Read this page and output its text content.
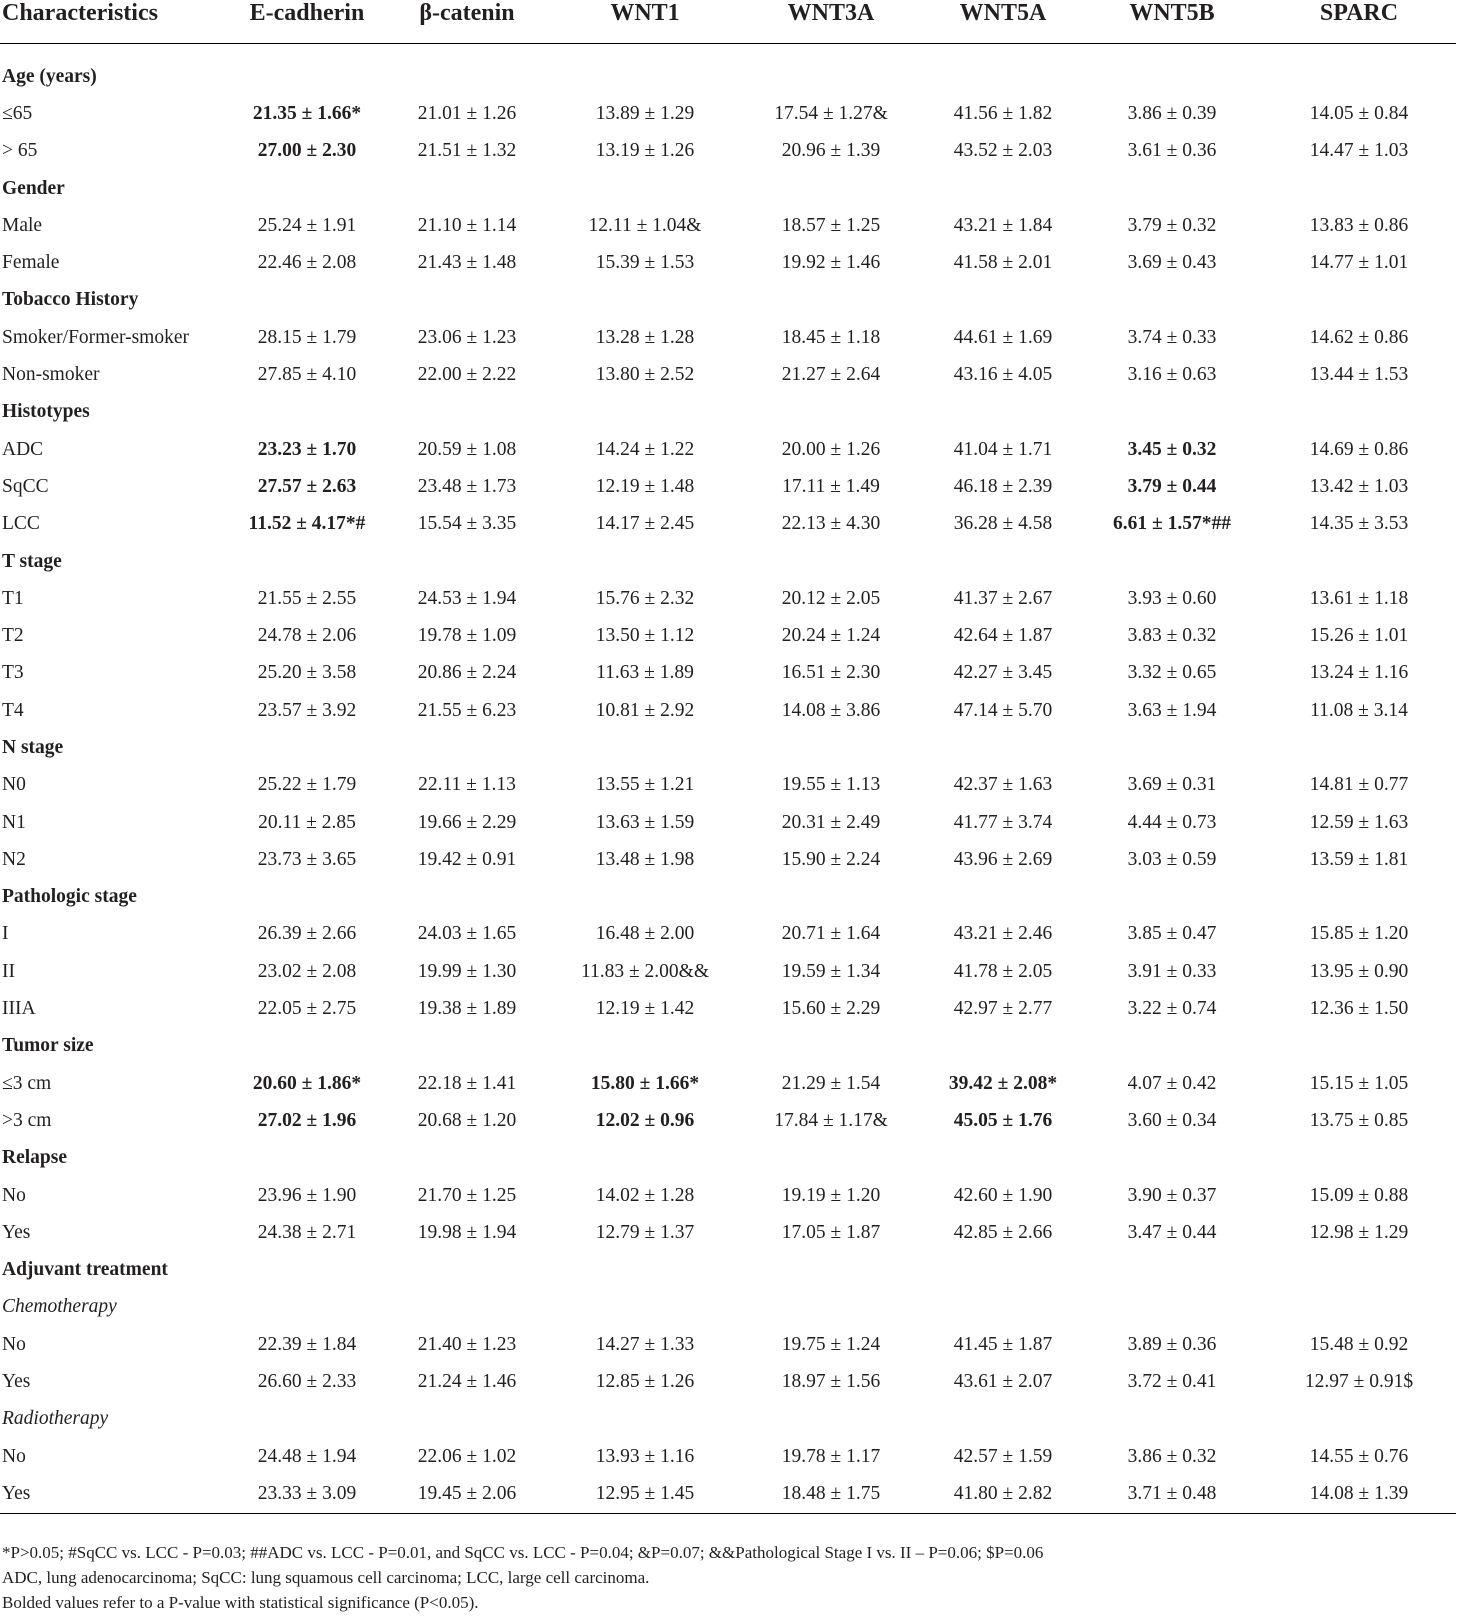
Characteristics	E-cadherin	β-catenin	WNT1	WNT3A	WNT5A	WNT5B	SPARC

Age (years)							
≤65	21.35 ± 1.66*	21.01 ± 1.26	13.89 ± 1.29	17.54 ± 1.27&	41.56 ± 1.82	3.86 ± 0.39	14.05 ± 0.84
> 65	27.00 ± 2.30	21.51 ± 1.32	13.19 ± 1.26	20.96 ± 1.39	43.52 ± 2.03	3.61 ± 0.36	14.47 ± 1.03
Gender							
Male	25.24 ± 1.91	21.10 ± 1.14	12.11 ± 1.04&	18.57 ± 1.25	43.21 ± 1.84	3.79 ± 0.32	13.83 ± 0.86
Female	22.46 ± 2.08	21.43 ± 1.48	15.39 ± 1.53	19.92 ± 1.46	41.58 ± 2.01	3.69 ± 0.43	14.77 ± 1.01
Tobacco History							
Smoker/Former-smoker	28.15 ± 1.79	23.06 ± 1.23	13.28 ± 1.28	18.45 ± 1.18	44.61 ± 1.69	3.74 ± 0.33	14.62 ± 0.86
Non-smoker	27.85 ± 4.10	22.00 ± 2.22	13.80 ± 2.52	21.27 ± 2.64	43.16 ± 4.05	3.16 ± 0.63	13.44 ± 1.53
Histotypes							
ADC	23.23 ± 1.70	20.59 ± 1.08	14.24 ± 1.22	20.00 ± 1.26	41.04 ± 1.71	3.45 ± 0.32	14.69 ± 0.86
SqCC	27.57 ± 2.63	23.48 ± 1.73	12.19 ± 1.48	17.11 ± 1.49	46.18 ± 2.39	3.79 ± 0.44	13.42 ± 1.03
LCC	11.52 ± 4.17*#	15.54 ± 3.35	14.17 ± 2.45	22.13 ± 4.30	36.28 ± 4.58	6.61 ± 1.57*##	14.35 ± 3.53
T stage							
T1	21.55 ± 2.55	24.53 ± 1.94	15.76 ± 2.32	20.12 ± 2.05	41.37 ± 2.67	3.93 ± 0.60	13.61 ± 1.18
T2	24.78 ± 2.06	19.78 ± 1.09	13.50 ± 1.12	20.24 ± 1.24	42.64 ± 1.87	3.83 ± 0.32	15.26 ± 1.01
T3	25.20 ± 3.58	20.86 ± 2.24	11.63 ± 1.89	16.51 ± 2.30	42.27 ± 3.45	3.32 ± 0.65	13.24 ± 1.16
T4	23.57 ± 3.92	21.55 ± 6.23	10.81 ± 2.92	14.08 ± 3.86	47.14 ± 5.70	3.63 ± 1.94	11.08 ± 3.14
N stage							
N0	25.22 ± 1.79	22.11 ± 1.13	13.55 ± 1.21	19.55 ± 1.13	42.37 ± 1.63	3.69 ± 0.31	14.81 ± 0.77
N1	20.11 ± 2.85	19.66 ± 2.29	13.63 ± 1.59	20.31 ± 2.49	41.77 ± 3.74	4.44 ± 0.73	12.59 ± 1.63
N2	23.73 ± 3.65	19.42 ± 0.91	13.48 ± 1.98	15.90 ± 2.24	43.96 ± 2.69	3.03 ± 0.59	13.59 ± 1.81
Pathologic stage							
I	26.39 ± 2.66	24.03 ± 1.65	16.48 ± 2.00	20.71 ± 1.64	43.21 ± 2.46	3.85 ± 0.47	15.85 ± 1.20
II	23.02 ± 2.08	19.99 ± 1.30	11.83 ± 2.00&&	19.59 ± 1.34	41.78 ± 2.05	3.91 ± 0.33	13.95 ± 0.90
IIIA	22.05 ± 2.75	19.38 ± 1.89	12.19 ± 1.42	15.60 ± 2.29	42.97 ± 2.77	3.22 ± 0.74	12.36 ± 1.50
Tumor size							
≤3 cm	20.60 ± 1.86*	22.18 ± 1.41	15.80 ± 1.66*	21.29 ± 1.54	39.42 ± 2.08*	4.07 ± 0.42	15.15 ± 1.05
>3 cm	27.02 ± 1.96	20.68 ± 1.20	12.02 ± 0.96	17.84 ± 1.17&	45.05 ± 1.76	3.60 ± 0.34	13.75 ± 0.85
Relapse							
No	23.96 ± 1.90	21.70 ± 1.25	14.02 ± 1.28	19.19 ± 1.20	42.60 ± 1.90	3.90 ± 0.37	15.09 ± 0.88
Yes	24.38 ± 2.71	19.98 ± 1.94	12.79 ± 1.37	17.05 ± 1.87	42.85 ± 2.66	3.47 ± 0.44	12.98 ± 1.29
Adjuvant treatment							
Chemotherapy							
No	22.39 ± 1.84	21.40 ± 1.23	14.27 ± 1.33	19.75 ± 1.24	41.45 ± 1.87	3.89 ± 0.36	15.48 ± 0.92
Yes	26.60 ± 2.33	21.24 ± 1.46	12.85 ± 1.26	18.97 ± 1.56	43.61 ± 2.07	3.72 ± 0.41	12.97 ± 0.91$
Radiotherapy							
No	24.48 ± 1.94	22.06 ± 1.02	13.93 ± 1.16	19.78 ± 1.17	42.57 ± 1.59	3.86 ± 0.32	14.55 ± 0.76
Yes	23.33 ± 3.09	19.45 ± 2.06	12.95 ± 1.45	18.48 ± 1.75	41.80 ± 2.82	3.71 ± 0.48	14.08 ± 1.39

*P>0.05; #SqCC vs. LCC - P=0.03; ##ADC vs. LCC - P=0.01, and SqCC vs. LCC - P=0.04; &P=0.07; &&Pathological Stage I vs. II – P=0.06; $P=0.06

ADC, lung adenocarcinoma; SqCC: lung squamous cell carcinoma; LCC, large cell carcinoma.

Bolded values refer to a P-value with statistical significance (P<0.05).
